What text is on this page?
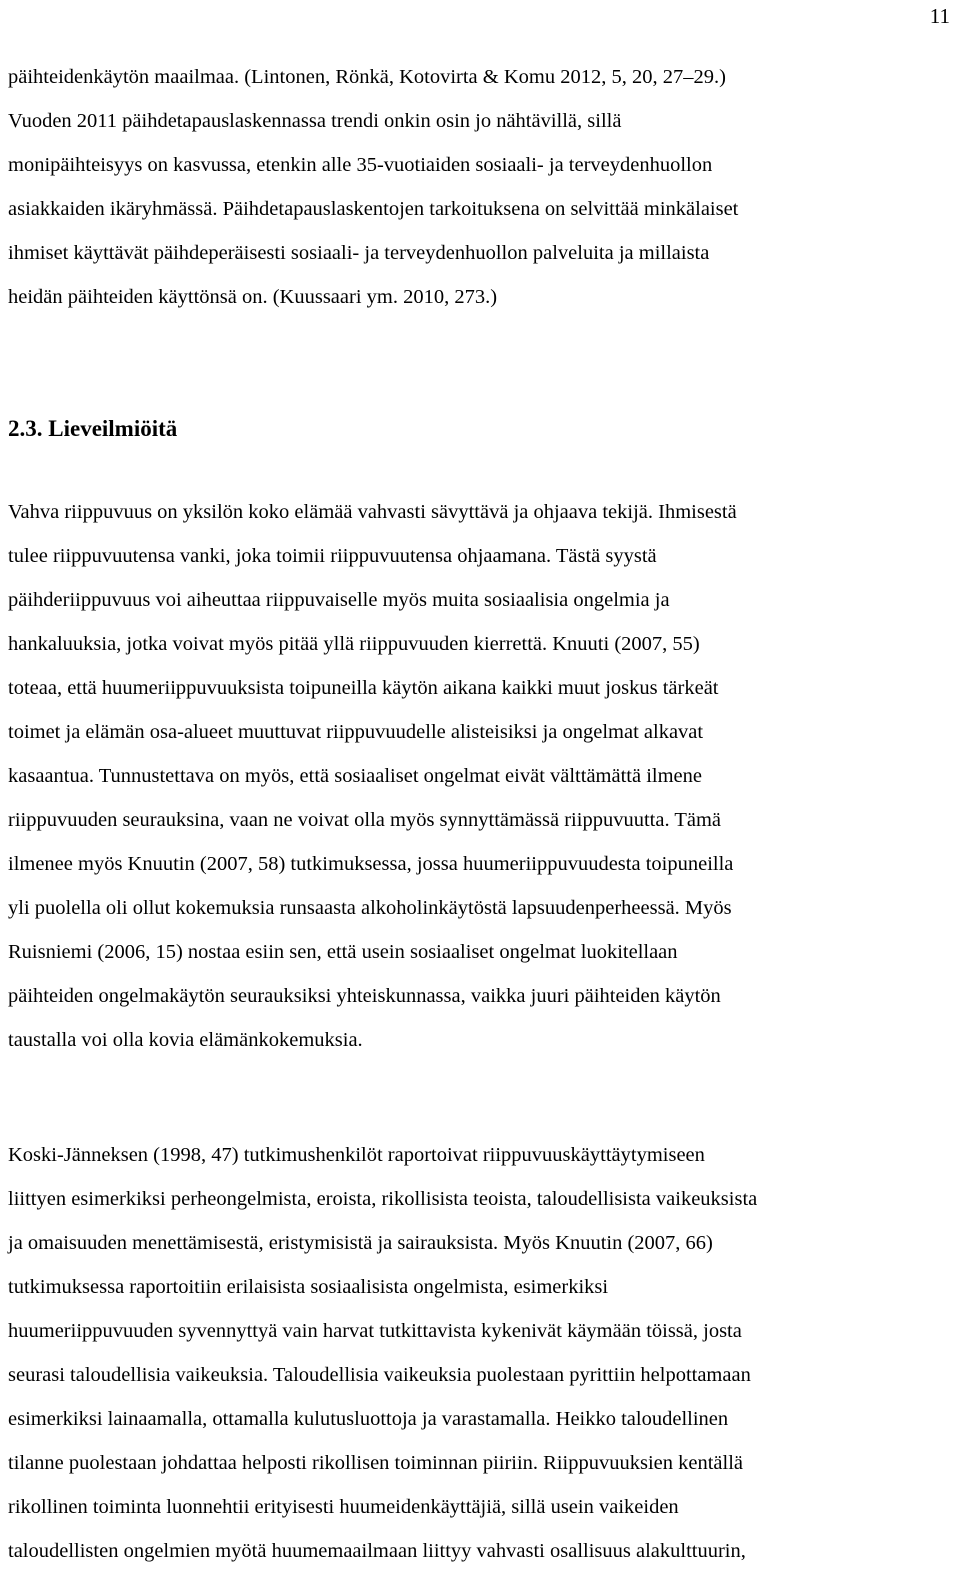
11

päihteidenkäytön maailmaa. (Lintonen, Rönkä, Kotovirta & Komu 2012, 5, 20, 27–29.)
Vuoden 2011 päihdetapauslaskennassa trendi onkin osin jo nähtävillä, sillä
monipäihteisyys on kasvussa, etenkin alle 35-vuotiaiden sosiaali- ja terveydenhuollon
asiakkaiden ikäryhmässä. Päihdetapauslaskentojen tarkoituksena on selvittää minkälaiset
ihmiset käyttävät päihdeperäisesti sosiaali- ja terveydenhuollon palveluita ja millaista
heidän päihteiden käyttönsä on. (Kuussaari ym. 2010, 273.)

2.3. Lieveilmiöitä

Vahva riippuvuus on yksilön koko elämää vahvasti sävyttävä ja ohjaava tekijä. Ihmisestä
tulee riippuvuutensa vanki, joka toimii riippuvuutensa ohjaamana. Tästä syystä
päihderiippuvuus voi aiheuttaa riippuvaiselle myös muita sosiaalisia ongelmia ja
hankaluuksia, jotka voivat myös pitää yllä riippuvuuden kierrettä. Knuuti (2007, 55)
toteaa, että huumeriippuvuuksista toipuneilla käytön aikana kaikki muut joskus tärkeät
toimet ja elämän osa-alueet muuttuvat riippuvuudelle alisteisiksi ja ongelmat alkavat
kasaantua. Tunnustettava on myös, että sosiaaliset ongelmat eivät välttämättä ilmene
riippuvuuden seurauksina, vaan ne voivat olla myös synnyttämässä riippuvuutta. Tämä
ilmenee myös Knuutin (2007, 58) tutkimuksessa, jossa huumeriippuvuudesta toipuneilla
yli puolella oli ollut kokemuksia runsaasta alkoholinkäytöstä lapsuudenperheessä. Myös
Ruisniemi (2006, 15) nostaa esiin sen, että usein sosiaaliset ongelmat luokitellaan
päihteiden ongelmakäytön seurauksiksi yhteiskunnassa, vaikka juuri päihteiden käytön
taustalla voi olla kovia elämänkokemuksia.

Koski-Jänneksen (1998, 47) tutkimushenkilöt raportoivat riippuvuuskäyttäytymiseen
liittyen esimerkiksi perheongelmista, eroista, rikollisista teoista, taloudellisista vaikeuksista
ja omaisuuden menettämisestä, eristymisistä ja sairauksista. Myös Knuutin (2007, 66)
tutkimuksessa raportoitiin erilaisista sosiaalisista ongelmista, esimerkiksi
huumeriippuvuuden syvennyttyä vain harvat tutkittavista kykenivät käymään töissä, josta
seurasi taloudellisia vaikeuksia. Taloudellisia vaikeuksia puolestaan pyrittiin helpottamaan
esimerkiksi lainaamalla, ottamalla kulutusluottoja ja varastamalla. Heikko taloudellinen
tilanne puolestaan johdattaa helposti rikollisen toiminnan piiriin. Riippuvuuksien kentällä
rikollinen toiminta luonnehtii erityisesti huumeidenkäyttäjiä, sillä usein vaikeiden
taloudellisten ongelmien myötä huumemaailmaan liittyy vahvasti osallisuus alakulttuurin,
